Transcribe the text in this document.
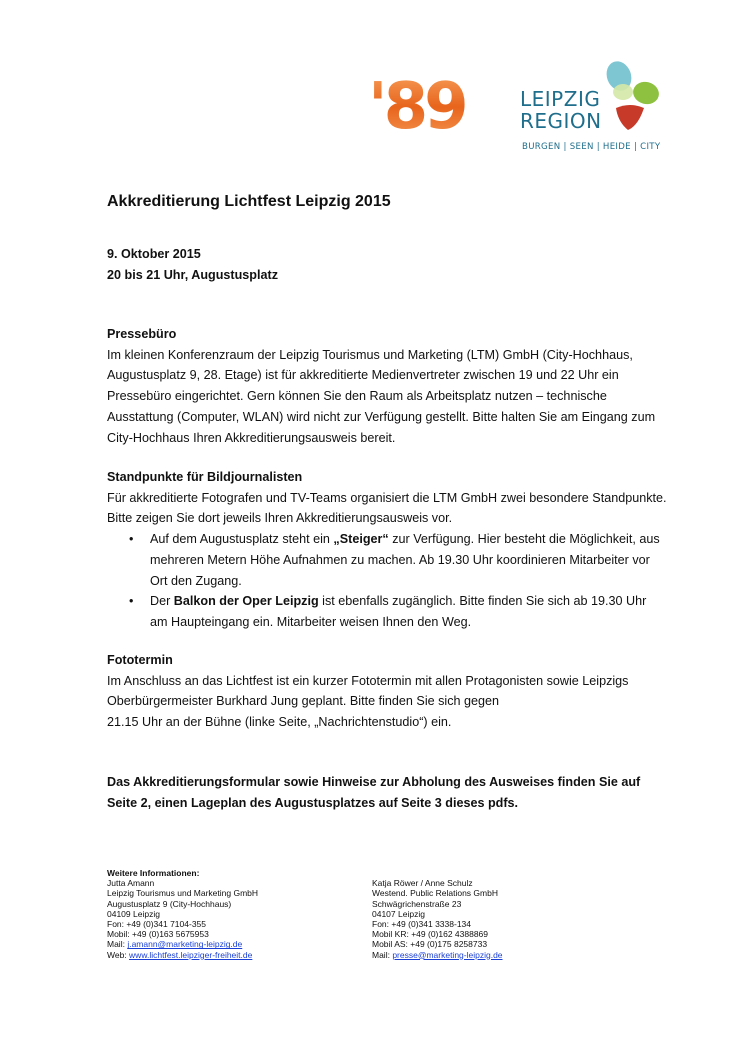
'89	LEIPZIG
REGION
BURGEN | SEEN | HEIDE | CITY
Akkreditierung Lichtfest Leipzig 2015

9. Oktober 2015

20 bis 21 Uhr, Augustusplatz

Pressebüro

Im kleinen Konferenzraum der Leipzig Tourismus und Marketing (LTM) GmbH (City-Hochhaus, Augustusplatz 9, 28. Etage) ist für akkreditierte Medienvertreter zwischen 19 und 22 Uhr ein Pressebüro eingerichtet. Gern können Sie den Raum als Arbeitsplatz nutzen – technische Ausstattung (Computer, WLAN) wird nicht zur Verfügung gestellt. Bitte halten Sie am Eingang zum City-Hochhaus Ihren Akkreditierungsausweis bereit.

Standpunkte für Bildjournalisten

Für akkreditierte Fotografen und TV-Teams organisiert die LTM GmbH zwei besondere Standpunkte. Bitte zeigen Sie dort jeweils Ihren Akkreditierungsausweis vor.

• Auf dem Augustusplatz steht ein „Steiger“ zur Verfügung. Hier besteht die Möglichkeit, aus mehreren Metern Höhe Aufnahmen zu machen. Ab 19.30 Uhr koordinieren Mitarbeiter vor Ort den Zugang.
• Der Balkon der Oper Leipzig ist ebenfalls zugänglich. Bitte finden Sie sich ab 19.30 Uhr am Haupteingang ein. Mitarbeiter weisen Ihnen den Weg.

Fototermin

Im Anschluss an das Lichtfest ist ein kurzer Fototermin mit allen Protagonisten sowie Leipzigs

Oberbürgermeister Burkhard Jung geplant. Bitte finden Sie sich gegen

21.15 Uhr an der Bühne (linke Seite, „Nachrichtenstudio“) ein.

Das Akkreditierungsformular sowie Hinweise zur Abholung des Ausweises finden Sie auf Seite 2, einen Lageplan des Augustusplatzes auf Seite 3 dieses pdfs.

Weitere Informationen:
Jutta Amann
Leipzig Tourismus und Marketing GmbH
Augustusplatz 9 (City-Hochhaus)
04109 Leipzig
Fon: +49 (0)341 7104-355
Mobil: +49 (0)163 5675953
Mail: j.amann@marketing-leipzig.de
Web: www.lichtfest.leipziger-freiheit.de
Katja Röwer / Anne Schulz
Westend. Public Relations GmbH
Schwägrichenstraße 23
04107 Leipzig
Fon: +49 (0)341 3338-134
Mobil KR: +49 (0)162 4388869
Mobil AS: +49 (0)175 8258733
Mail: presse@marketing-leipzig.de
